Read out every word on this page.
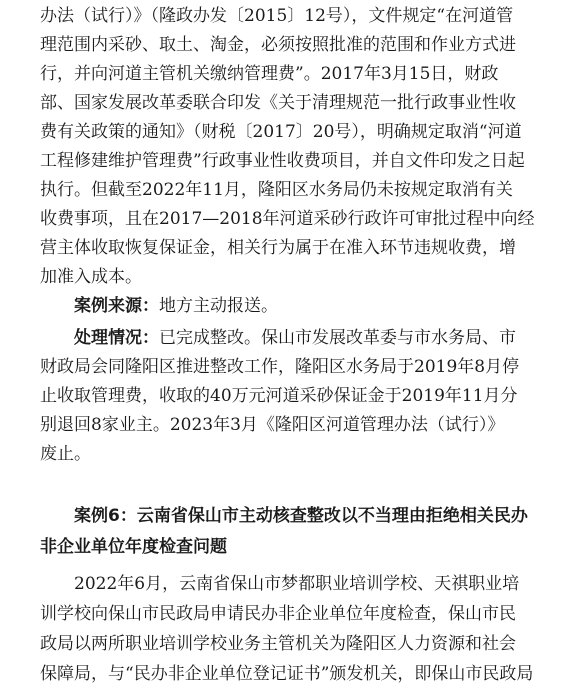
办法（试行）》（隆政办发〔2015〕12号），文件规定“在河道管
理范围内采砂、取土、淘金，必须按照批准的范围和作业方式进
行，并向河道主管机关缴纳管理费”。2017年3月15日，财政
部、国家发展改革委联合印发《关于清理规范一批行政事业性收
费有关政策的通知》（财税〔2017〕20号），明确规定取消“河道
工程修建维护管理费”行政事业性收费项目，并自文件印发之日起
执行。但截至2022年11月，隆阳区水务局仍未按规定取消有关
收费事项，且在2017—2018年河道采砂行政许可审批过程中向经
营主体收取恢复保证金，相关行为属于在准入环节违规收费，增
加准入成本。
案例来源：地方主动报送。
处理情况：已完成整改。保山市发展改革委与市水务局、市
财政局会同隆阳区推进整改工作，隆阳区水务局于2019年8月停
止收取管理费，收取的40万元河道采砂保证金于2019年11月分
别退回8家业主。2023年3月《隆阳区河道管理办法（试行）》
废止。
案例6：云南省保山市主动核查整改以不当理由拒绝相关民办
非企业单位年度检查问题
2022年6月，云南省保山市梦都职业培训学校、天祺职业培
训学校向保山市民政局申请民办非企业单位年度检查，保山市民
政局以两所职业培训学校业务主管机关为隆阳区人力资源和社会
保障局，与“民办非企业单位登记证书”颁发机关，即保山市民政局
